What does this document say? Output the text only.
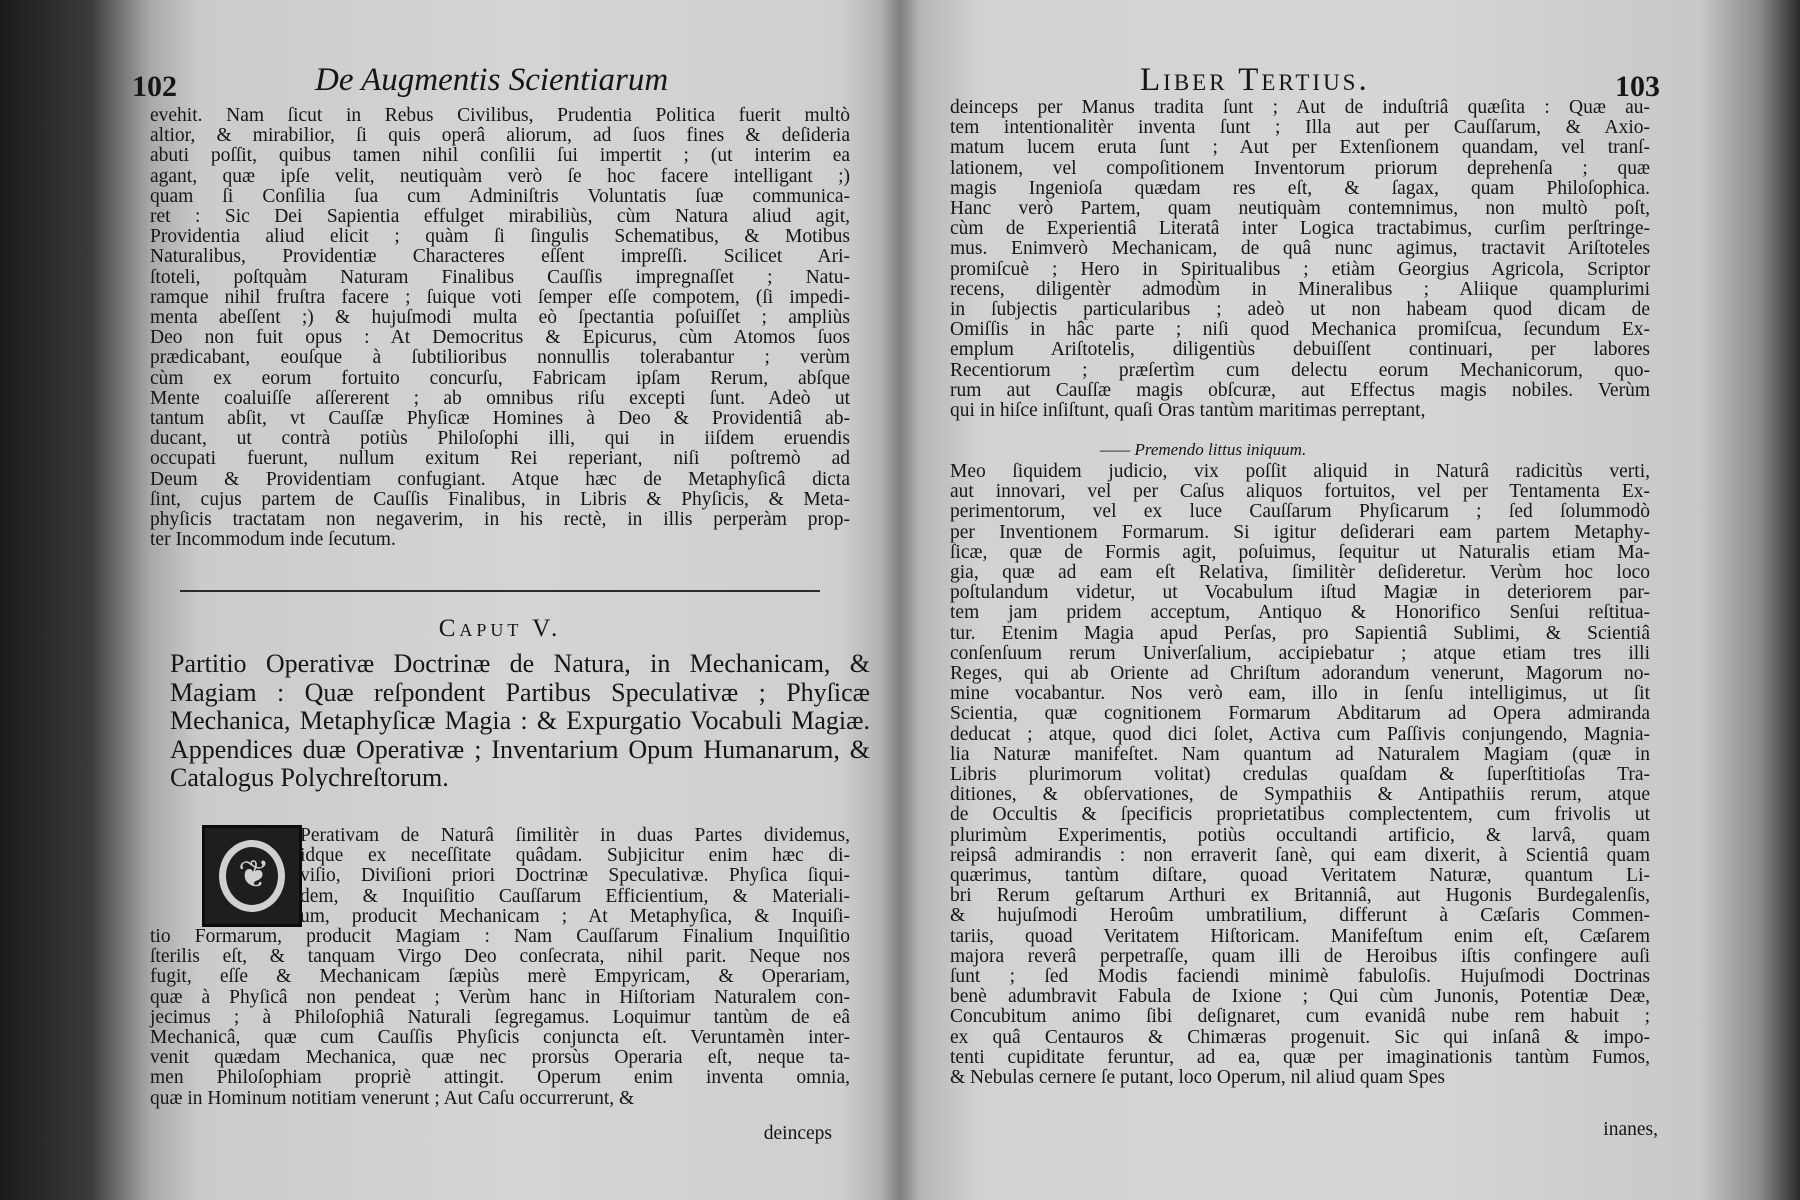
102	De Augmentis Scientiarum
evehit. Nam ſicut in Rebus Civilibus, Prudentia Politica fuerit multò
altior, & mirabilior, ſi quis operâ aliorum, ad ſuos fines & deſideria
abuti poſſit, quibus tamen nihil conſilii ſui impertit ; (ut interim ea
agant, quæ ipſe velit, neutiquàm verò ſe hoc facere intelligant ;)
quam ſi Conſilia ſua cum Adminiſtris Voluntatis ſuæ communica-
ret : Sic Dei Sapientia effulget mirabiliùs, cùm Natura aliud agit,
Providentia aliud elicit ; quàm ſi ſingulis Schematibus, & Motibus
Naturalibus, Providentiæ Characteres eſſent impreſſi. Scilicet Ari-
ſtoteli, poſtquàm Naturam Finalibus Cauſſis impregnaſſet ; Natu-
ramque nihil fruſtra facere ; ſuique voti ſemper eſſe compotem, (ſi impedi-
menta abeſſent ;) & hujuſmodi multa eò ſpectantia poſuiſſet ; ampliùs
Deo non fuit opus : At Democritus & Epicurus, cùm Atomos ſuos
prædicabant, eouſque à ſubtilioribus nonnullis tolerabantur ; verùm
cùm ex eorum fortuito concurſu, Fabricam ipſam Rerum, abſque
Mente coaluiſſe aſſererent ; ab omnibus riſu excepti ſunt. Adeò ut
tantum abſit, vt Cauſſæ Phyſicæ Homines à Deo & Providentiâ ab-
ducant, ut contrà potiùs Philoſophi illi, qui in iiſdem eruendis
occupati fuerunt, nullum exitum Rei reperiant, niſi poſtremò ad
Deum & Providentiam confugiant. Atque hæc de Metaphyſicâ dicta
ſint, cujus partem de Cauſſis Finalibus, in Libris & Phyſicis, & Meta-
phyſicis tractatam non negaverim, in his rectè, in illis perperàm prop-
ter Incommodum inde ſecutum.
Caput V.
Partitio Operativæ Doctrinæ de Natura, in Mechanicam, & Magiam : Quæ reſpondent Partibus Speculativæ ; Phyſicæ Mechanica, Metaphyſicæ Magia : & Expurgatio Vocabuli Magiæ. Appendices duæ Operativæ ; Inventarium Opum Humanarum, & Catalogus Polychreſtorum.
❦
Perativam de Naturâ ſimilitèr in duas Partes dividemus,
idque ex neceſſitate quâdam. Subjicitur enim hæc di-
viſio, Diviſioni priori Doctrinæ Speculativæ. Phyſica ſiqui-
dem, & Inquiſitio Cauſſarum Efficientium, & Materiali-
um, producit Mechanicam ; At Metaphyſica, & Inquiſi-
tio Formarum, producit Magiam : Nam Cauſſarum Finalium Inquiſitio
ſterilis eſt, & tanquam Virgo Deo conſecrata, nihil parit. Neque nos
fugit, eſſe & Mechanicam ſæpiùs merè Empyricam, & Operariam,
quæ à Phyſicâ non pendeat ; Verùm hanc in Hiſtoriam Naturalem con-
jecimus ; à Philoſophiâ Naturali ſegregamus. Loquimur tantùm de eâ
Mechanicâ, quæ cum Cauſſis Phyſicis conjuncta eſt. Veruntamèn inter-
venit quædam Mechanica, quæ nec prorsùs Operaria eſt, neque ta-
men Philoſophiam propriè attingit. Operum enim inventa omnia,
quæ in Hominum notitiam venerunt ; Aut Caſu occurrerunt, &
deinceps
Liber Tertius.	103
deinceps per Manus tradita ſunt ; Aut de induſtriâ quæſita : Quæ au-
tem intentionalitèr inventa ſunt ; Illa aut per Cauſſarum, & Axio-
matum lucem eruta ſunt ; Aut per Extenſionem quandam, vel tranſ-
lationem, vel compoſitionem Inventorum priorum deprehenſa ; quæ
magis Ingenioſa quædam res eſt, & ſagax, quam Philoſophica.
Hanc verò Partem, quam neutiquàm contemnimus, non multò poſt,
cùm de Experientiâ Literatâ inter Logica tractabimus, curſim perſtringe-
mus. Enimverò Mechanicam, de quâ nunc agimus, tractavit Ariſtoteles
promiſcuè ; Hero in Spiritualibus ; etiàm Georgius Agricola, Scriptor
recens, diligentèr admodùm in Mineralibus ; Aliique quamplurimi
in ſubjectis particularibus ; adeò ut non habeam quod dicam de
Omiſſis in hâc parte ; niſi quod Mechanica promiſcua, ſecundum Ex-
emplum Ariſtotelis, diligentiùs debuiſſent continuari, per labores
Recentiorum ; præſertìm cum delectu eorum Mechanicorum, quo-
rum aut Cauſſæ magis obſcuræ, aut Effectus magis nobiles. Verùm
qui in hiſce inſiſtunt, quaſi Oras tantùm maritimas perreptant,
—— Premendo littus iniquum.
Meo ſiquidem judicio, vix poſſit aliquid in Naturâ radicitùs verti,
aut innovari, vel per Caſus aliquos fortuitos, vel per Tentamenta Ex-
perimentorum, vel ex luce Cauſſarum Phyſicarum ; ſed ſolummodò
per Inventionem Formarum. Si igitur deſiderari eam partem Metaphy-
ſicæ, quæ de Formis agit, poſuimus, ſequitur ut Naturalis etiam Ma-
gia, quæ ad eam eſt Relativa, ſimilitèr deſideretur. Verùm hoc loco
poſtulandum videtur, ut Vocabulum iſtud Magiæ in deteriorem par-
tem jam pridem acceptum, Antiquo & Honorifico Senſui reſtitua-
tur. Etenim Magia apud Perſas, pro Sapientiâ Sublimi, & Scientiâ
conſenſuum rerum Univerſalium, accipiebatur ; atque etiam tres illi
Reges, qui ab Oriente ad Chriſtum adorandum venerunt, Magorum no-
mine vocabantur. Nos verò eam, illo in ſenſu intelligimus, ut ſit
Scientia, quæ cognitionem Formarum Abditarum ad Opera admiranda
deducat ; atque, quod dici ſolet, Activa cum Paſſivis conjungendo, Magnia-
lia Naturæ manifeſtet. Nam quantum ad Naturalem Magiam (quæ in
Libris plurimorum volitat) credulas quaſdam & ſuperſtitioſas Tra-
ditiones, & obſervationes, de Sympathiis & Antipathiis rerum, atque
de Occultis & ſpecificis proprietatibus complectentem, cum frivolis ut
plurimùm Experimentis, potiùs occultandi artificio, & larvâ, quam
reipsâ admirandis : non erraverit ſanè, qui eam dixerit, à Scientiâ quam
quærimus, tantùm diſtare, quoad Veritatem Naturæ, quantum Li-
bri Rerum geſtarum Arthuri ex Britanniâ, aut Hugonis Burdegalenſis,
& hujuſmodi Heroûm umbratilium, differunt à Cæſaris Commen-
tariis, quoad Veritatem Hiſtoricam. Manifeſtum enim eſt, Cæſarem
majora reverâ perpetraſſe, quam illi de Heroibus iſtis confingere auſi
ſunt ; ſed Modis faciendi minimè fabuloſis. Hujuſmodi Doctrinas
benè adumbravit Fabula de Ixione ; Qui cùm Junonis, Potentiæ Deæ,
Concubitum animo ſibi deſignaret, cum evanidâ nube rem habuit ;
ex quâ Centauros & Chimæras progenuit. Sic qui inſanâ & impo-
tenti cupiditate feruntur, ad ea, quæ per imaginationis tantùm Fumos,
& Nebulas cernere ſe putant, loco Operum, nil aliud quam Spes
inanes,
